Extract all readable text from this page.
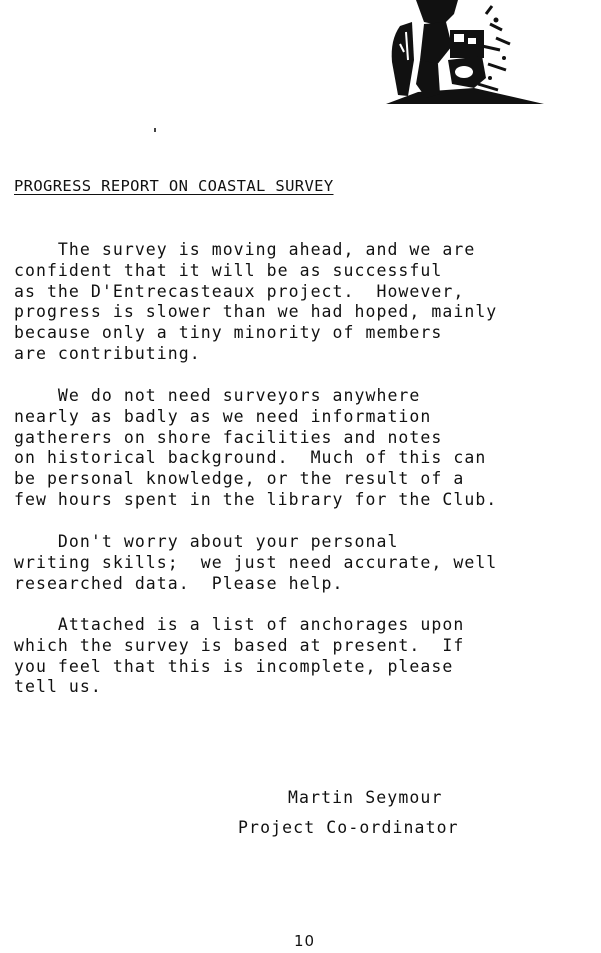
PROGRESS REPORT ON COASTAL SURVEY
The survey is moving ahead, and we are
confident that it will be as successful
as the D'Entrecasteaux project.  However,
progress is slower than we had hoped, mainly
because only a tiny minority of members
are contributing.
We do not need surveyors anywhere
nearly as badly as we need information
gatherers on shore facilities and notes
on historical background.  Much of this can
be personal knowledge, or the result of a
few hours spent in the library for the Club.
Don't worry about your personal
writing skills;  we just need accurate, well
researched data.  Please help.
Attached is a list of anchorages upon
which the survey is based at present.  If
you feel that this is incomplete, please
tell us.
Martin Seymour
Project Co-ordinator
10
